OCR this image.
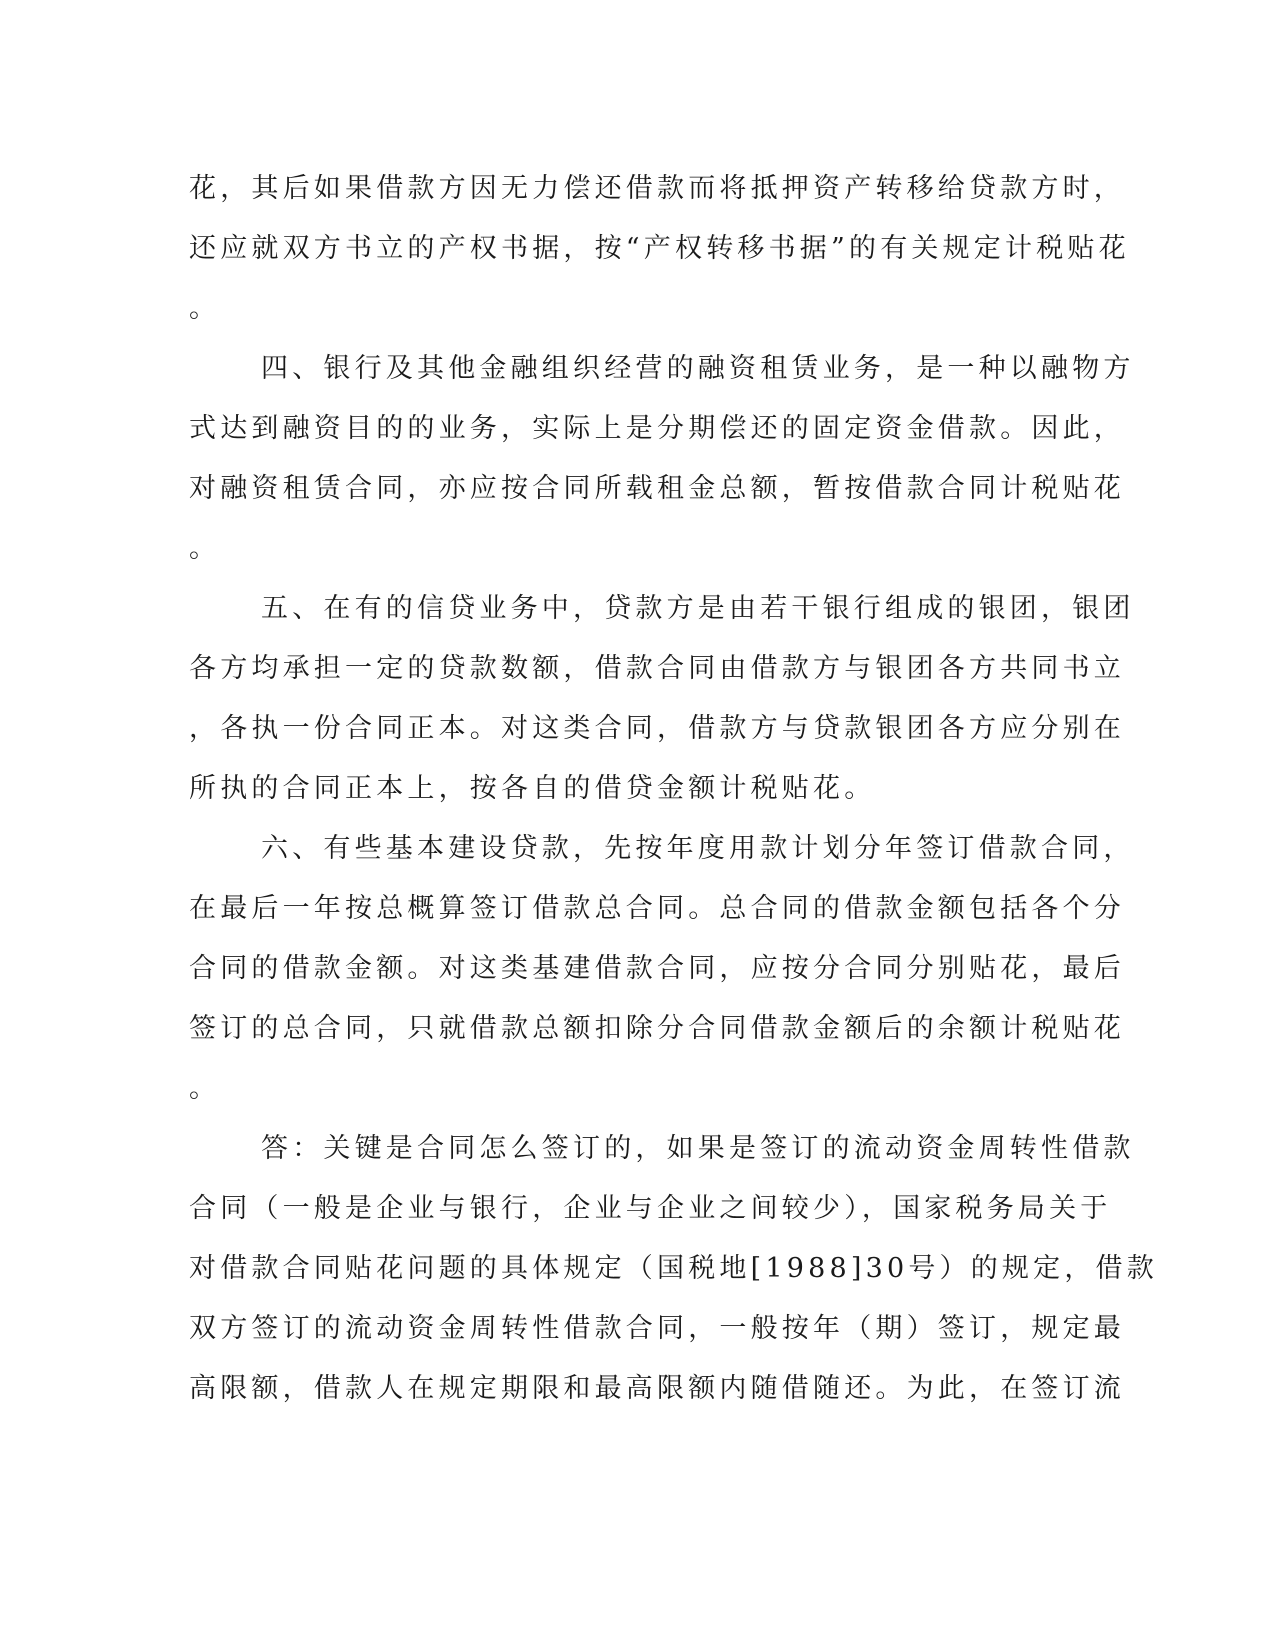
花，其后如果借款方因无力偿还借款而将抵押资产转移给贷款方时，
还应就双方书立的产权书据，按“产权转移书据”的有关规定计税贴花
。
四、银行及其他金融组织经营的融资租赁业务，是一种以融物方
式达到融资目的的业务，实际上是分期偿还的固定资金借款。因此，
对融资租赁合同，亦应按合同所载租金总额，暂按借款合同计税贴花
。
五、在有的信贷业务中，贷款方是由若干银行组成的银团，银团
各方均承担一定的贷款数额，借款合同由借款方与银团各方共同书立
，各执一份合同正本。对这类合同，借款方与贷款银团各方应分别在
所执的合同正本上，按各自的借贷金额计税贴花。
六、有些基本建设贷款，先按年度用款计划分年签订借款合同，
在最后一年按总概算签订借款总合同。总合同的借款金额包括各个分
合同的借款金额。对这类基建借款合同，应按分合同分别贴花，最后
签订的总合同，只就借款总额扣除分合同借款金额后的余额计税贴花
。
答：关键是合同怎么签订的，如果是签订的流动资金周转性借款
合同（一般是企业与银行，企业与企业之间较少），国家税务局关于
对借款合同贴花问题的具体规定（国税地[1988]30号）的规定，借款
双方签订的流动资金周转性借款合同，一般按年（期）签订，规定最
高限额，借款人在规定期限和最高限额内随借随还。为此，在签订流
